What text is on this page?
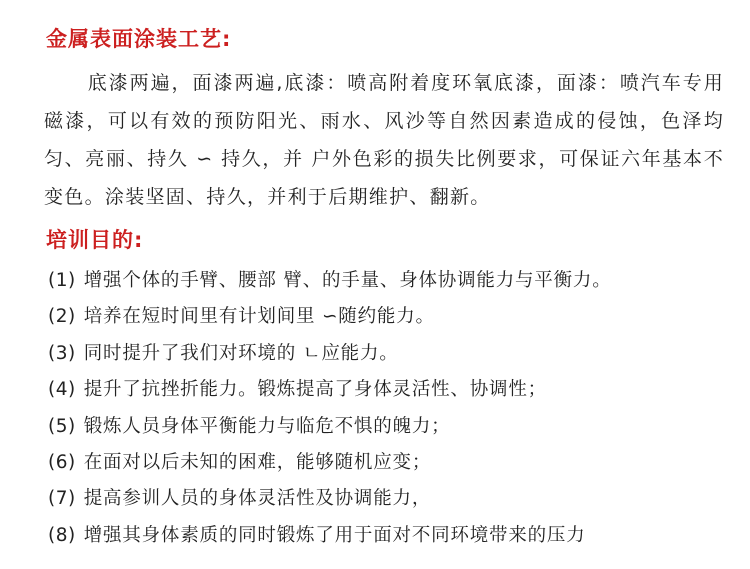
金属表面涂装工艺:

底漆两遍，面漆两遍,底漆：喷高附着度环氧底漆，面漆：喷汽车专用磁漆，可以有效的预防阳光、雨水、风沙等自然因素造成的侵蚀，色泽均匀、亮丽、持久 ∽ 持久，并 户外色彩的损失比例要求，可保证六年基本不变色。涂装坚固、持久，并利于后期维护、翻新。

培训目的:
(1) 增强个体的手臂、腰部 臂、的手量、身体协调能力与平衡力。
(2) 培养在短时间里有计划间里 ∽随约能力。
(3) 同时提升了我们对环境的 ㄴ应能力。
(4) 提升了抗挫折能力。锻炼提高了身体灵活性、协调性；
(5) 锻炼人员身体平衡能力与临危不惧的魄力；
(6) 在面对以后未知的困难，能够随机应变；
(7) 提高参训人员的身体灵活性及协调能力，
(8) 增强其身体素质的同时锻炼了用于面对不同环境带来的压力
